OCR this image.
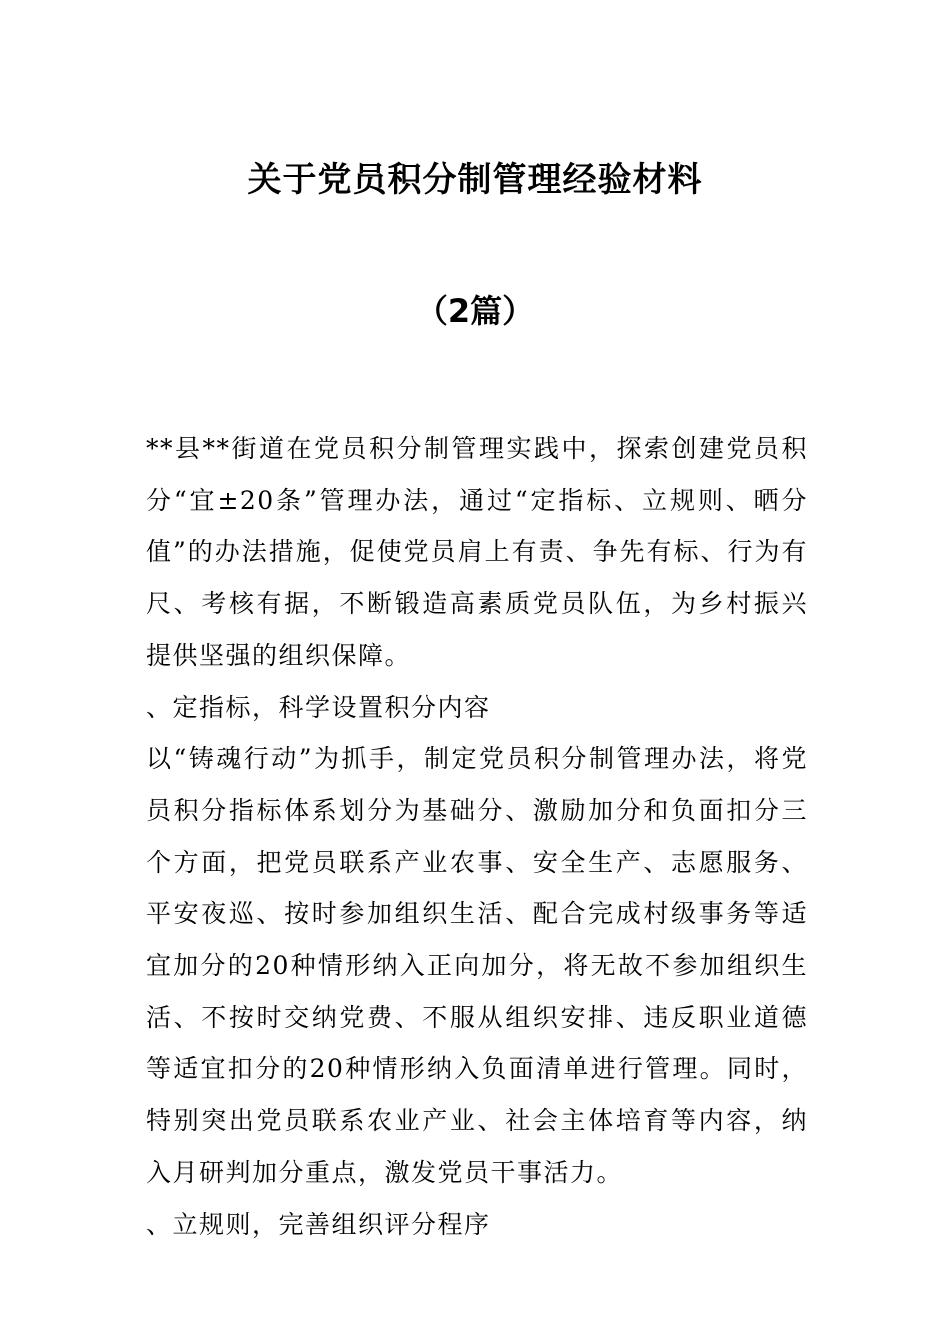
关于党员积分制管理经验材料
（2篇）

**县**街道在党员积分制管理实践中，探索创建党员积分“宜±20条”管理办法，通过“定指标、立规则、晒分值”的办法措施，促使党员肩上有责、争先有标、行为有尺、考核有据，不断锻造高素质党员队伍，为乡村振兴提供坚强的组织保障。

、定指标，科学设置积分内容

以“铸魂行动”为抓手，制定党员积分制管理办法，将党员积分指标体系划分为基础分、激励加分和负面扣分三个方面，把党员联系产业农事、安全生产、志愿服务、平安夜巡、按时参加组织生活、配合完成村级事务等适宜加分的20种情形纳入正向加分，将无故不参加组织生活、不按时交纳党费、不服从组织安排、违反职业道德等适宜扣分的20种情形纳入负面清单进行管理。同时，特别突出党员联系农业产业、社会主体培育等内容，纳入月研判加分重点，激发党员干事活力。

、立规则，完善组织评分程序
